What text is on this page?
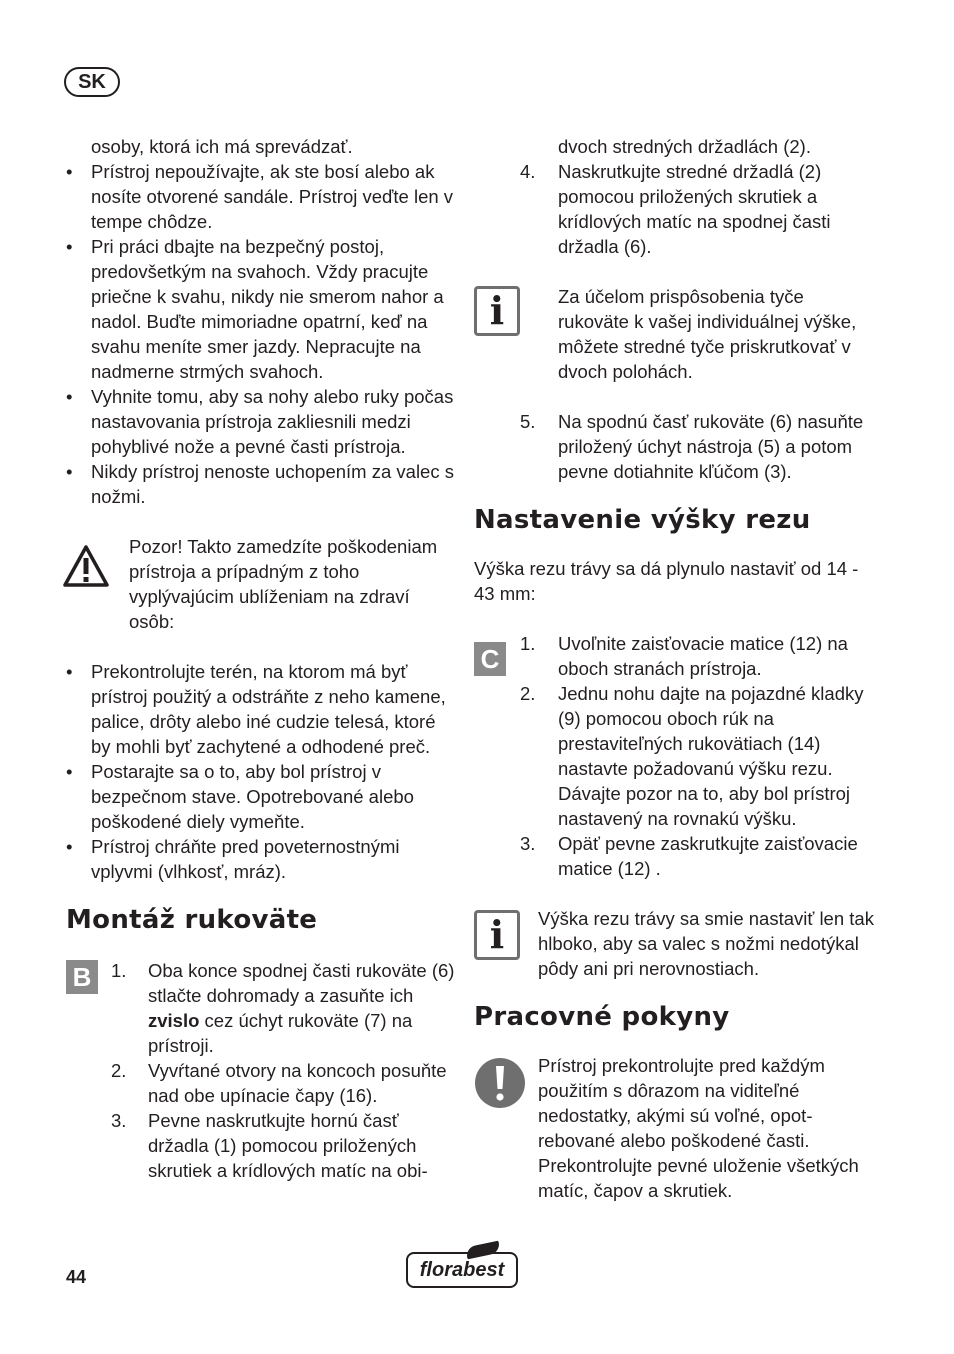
SK
osoby, ktorá ich má sprevádzať.
• Prístroj nepoužívajte, ak ste bosí alebo ak nosíte otvorené sandále. Prístroj veďte len v tempe chôdze.
• Pri práci dbajte na bezpečný postoj, predovšetkým na svahoch. Vždy pracujte priečne k svahu, nikdy nie smerom nahor a nadol. Buďte mimoriadne opatrní, keď na svahu meníte smer jazdy. Nepracujte na nadmerne strmých svahoch.
• Vyhnite tomu, aby sa nohy alebo ruky počas nastavovania prístroja zakliesnili medzi pohyblivé nože a pevné časti prístroja.
• Nikdy prístroj nenoste uchopením za valec s nožmi.
Pozor! Takto zamedzíte poškodeniam prístroja a prípadným z toho vyplývajúcim ublíženiam na zdraví osôb:
• Prekontrolujte terén, na ktorom má byť prístroj použitý a odstráňte z neho kamene, palice, drôty alebo iné cudzie telesá, ktoré by mohli byť zachytené a odhodené preč.
• Postarajte sa o to, aby bol prístroj v bezpečnom stave. Opotrebované alebo poškodené diely vymeňte.
• Prístroj chráňte pred poveternostnými vplyvmi (vlhkosť, mráz).
Montáž rukoväte
B	1. Oba konce spodnej časti rukoväte (6) stlačte dohromady a zasuňte ich zvislo cez úchyt rukoväte (7) na prístroji.
2. Vyvŕtané otvory na koncoch posuňte nad obe upínacie čapy (16).
3. Pevne naskrutkujte hornú časť držadla (1) pomocou priložených skrutiek a krídlových matíc na obi-
dvoch stredných držadlách (2).
4. Naskrutkujte stredné držadlá (2) pomocou priložených skrutiek a krídlových matíc na spodnej časti držadla (6).
i	Za účelom prispôsobenia tyče rukoväte k vašej individuálnej výške, môžete stredné tyče priskrutkovať v dvoch polohách.
5. Na spodnú časť rukoväte (6) nasuňte priložený úchyt nástroja (5) a potom pevne dotiahnite kľúčom (3).
Nastavenie výšky rezu
Výška rezu trávy sa dá plynulo nastaviť od 14 - 43 mm:
C
1. Uvoľnite zaisťovacie matice (12) na oboch stranách prístroja.
2. Jednu nohu dajte na pojazdné kladky (9) pomocou oboch rúk na prestaviteľných rukovätiach (14) nastavte požadovanú výšku rezu. Dávajte pozor na to, aby bol prístroj nastavený na rovnakú výšku.
3. Opäť pevne zaskrutkujte zaisťovacie matice (12) .
i	Výška rezu trávy sa smie nastaviť len tak hlboko, aby sa valec s nožmi nedotýkal pôdy ani pri nerovnostiach.
Pracovné pokyny
Prístroj prekontrolujte pred každým použitím s dôrazom na viditeľné nedostatky, akými sú voľné, opotrebované alebo poškodené časti. Prekontrolujte pevné uloženie všetkých matíc, čapov a skrutiek.
44	florabest
